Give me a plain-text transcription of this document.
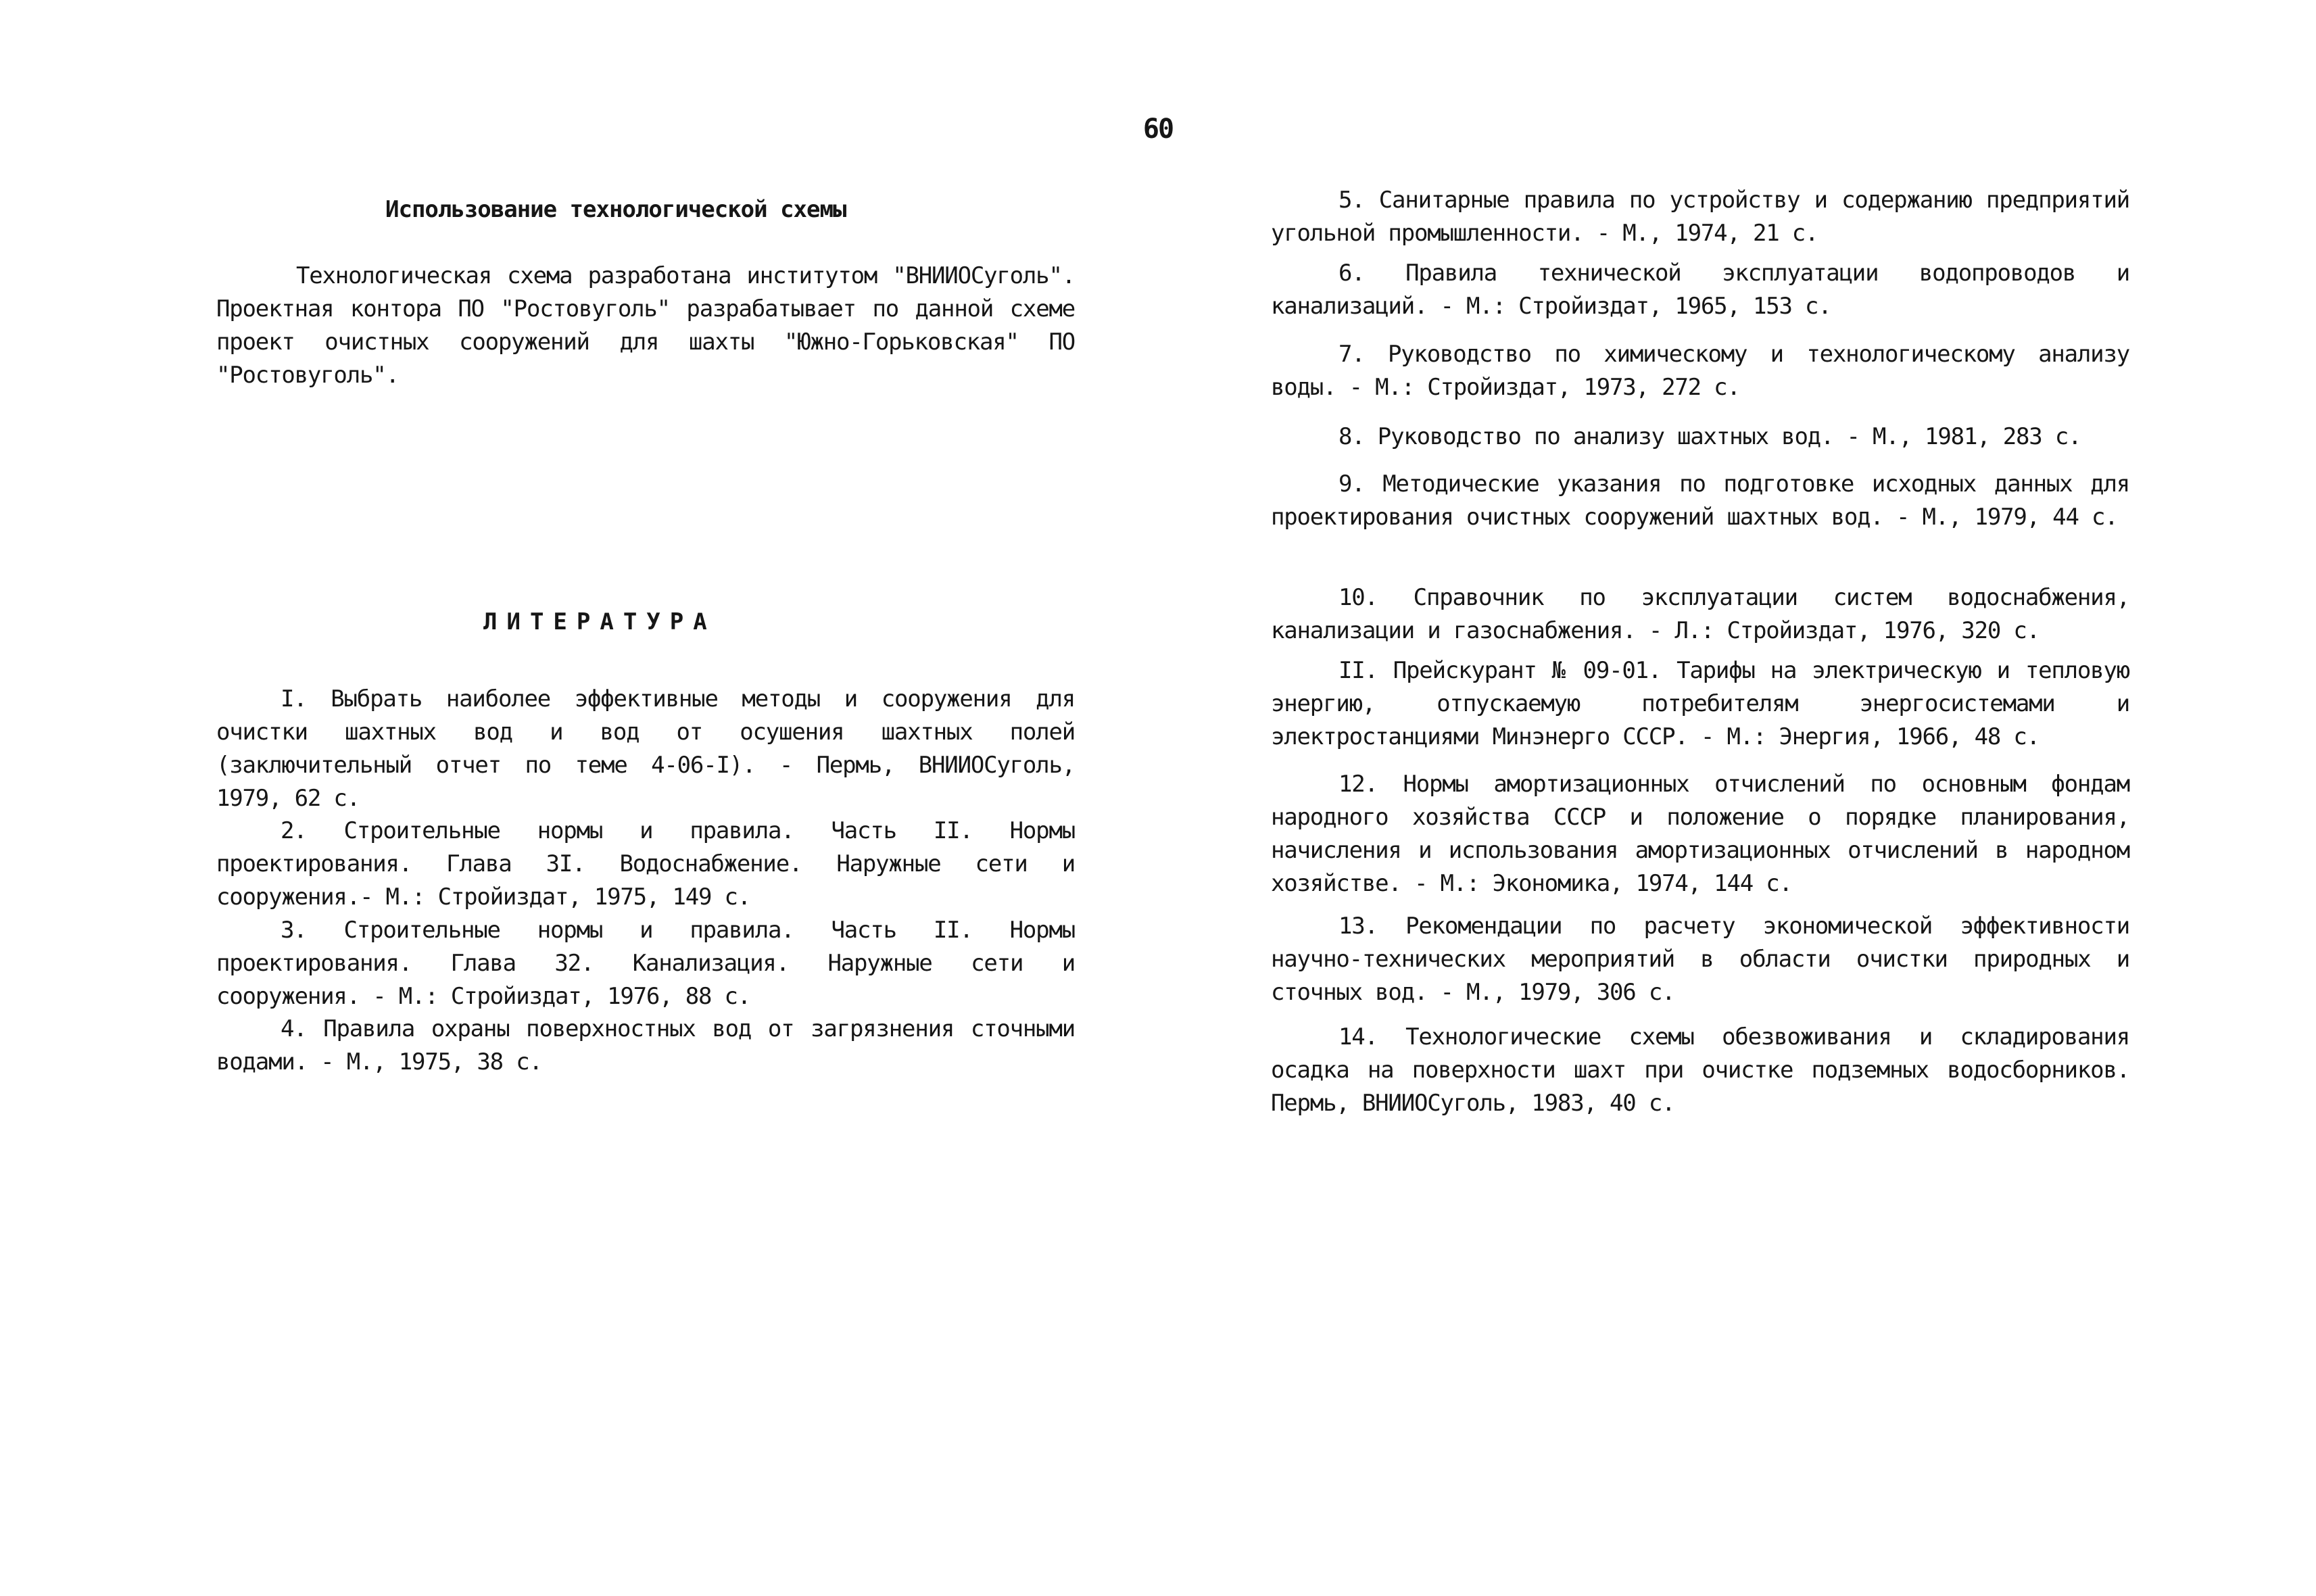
60
Использование технологической схемы
Технологическая схема разработана институтом "ВНИИОСуголь". Проектная контора ПО "Ростовуголь" разрабатывает по данной схеме проект очистных сооружений для шахты "Южно-Горьковская" ПО "Ростовуголь".
ЛИТЕРАТУРА
I. Выбрать наиболее эффективные методы и сооружения для очистки шахтных вод и вод от осушения шахтных полей (заключительный отчет по теме 4-06-I). - Пермь, ВНИИОСуголь, 1979, 62 с.
2. Строительные нормы и правила. Часть II. Нормы проектирования. Глава 3I. Водоснабжение. Наружные сети и сооружения.- М.: Стройиздат, 1975, 149 с.
3. Строительные нормы и правила. Часть II. Нормы проектирования. Глава 32. Канализация. Наружные сети и сооружения. - М.: Стройиздат, 1976, 88 с.
4. Правила охраны поверхностных вод от загрязнения сточными водами. - М., 1975, 38 с.
5. Санитарные правила по устройству и содержанию предприятий угольной промышленности. - М., 1974, 21 с.
6. Правила технической эксплуатации водопроводов и канализаций. - М.: Стройиздат, 1965, 153 с.
7. Руководство по химическому и технологическому анализу воды. - М.: Стройиздат, 1973, 272 с.
8. Руководство по анализу шахтных вод. - М., 1981, 283 с.
9. Методические указания по подготовке исходных данных для проектирования очистных сооружений шахтных вод. - М., 1979, 44 с.
10. Справочник по эксплуатации систем водоснабжения, канализации и газоснабжения. - Л.: Стройиздат, 1976, 320 с.
II. Прейскурант № 09-01. Тарифы на электрическую и тепловую энергию, отпускаемую потребителям энергосистемами и электростанциями Минэнерго СССР. - М.: Энергия, 1966, 48 с.
12. Нормы амортизационных отчислений по основным фондам народного хозяйства СССР и положение о порядке планирования, начисления и использования амортизационных отчислений в народном хозяйстве. - М.: Экономика, 1974, 144 с.
13. Рекомендации по расчету экономической эффективности научно-технических мероприятий в области очистки природных и сточных вод. - М., 1979, 306 с.
14. Технологические схемы обезвоживания и складирования осадка на поверхности шахт при очистке подземных водосборников. Пермь, ВНИИОСуголь, 1983, 40 с.
